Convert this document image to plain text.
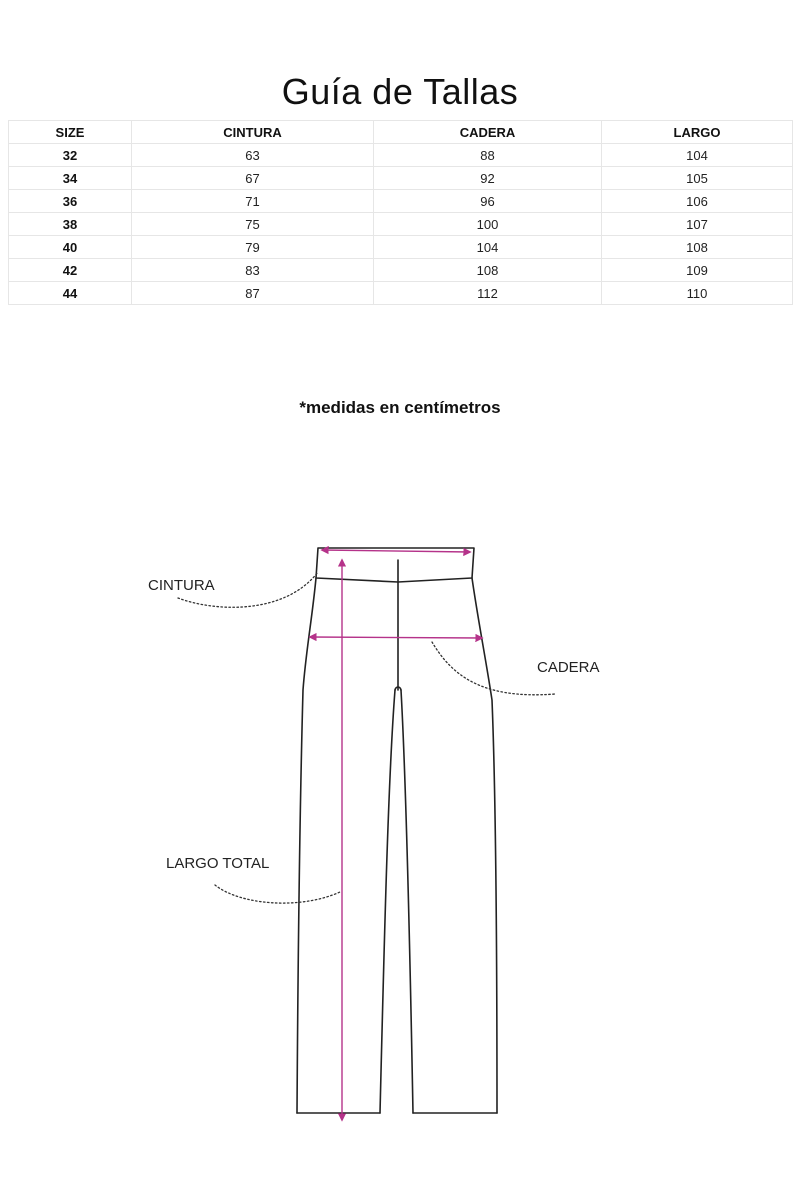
Guía de Tallas
SIZE	CINTURA	CADERA	LARGO
32	63	88	104
34	67	92	105
36	71	96	106
38	75	100	107
40	79	104	108
42	83	108	109
44	87	112	110
*medidas en centímetros
CINTURA
CADERA
LARGO TOTAL
